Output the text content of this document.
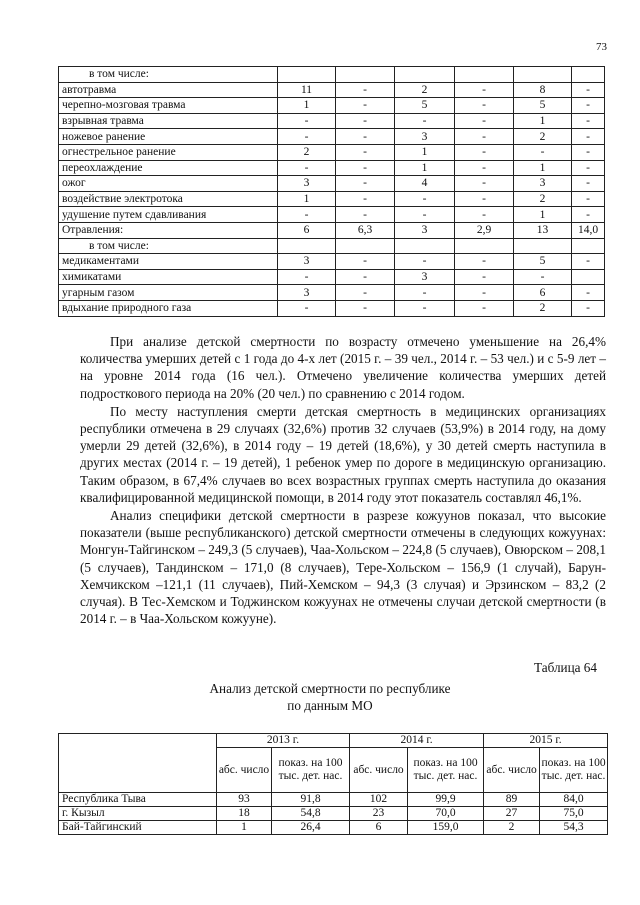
73
в том числе:							
автотравма	11	-	2	-	8	-	
черепно-мозговая травма	1	-	5	-	5	-	
взрывная травма	-	-	-	-	1	-	
ножевое ранение	-	-	3	-	2	-	
огнестрельное ранение	2	-	1	-	-	-	
переохлаждение	-	-	1	-	1	-	
ожог	3	-	4	-	3	-	
воздействие электротока	1	-	-	-	2	-	
удушение путем сдавливания	-	-	-	-	1	-	
Отравления:	6	6,3	3	2,9	13	14,0	
в том числе:							
медикаментами	3	-	-	-	5	-	
химикатами	-	-	3	-	-		
угарным газом	3	-	-	-	6	-	
вдыхание природного газа	-	-	-	-	2	-	

При анализе детской смертности по возрасту отмечено уменьшение на 26,4% количества умерших детей с 1 года до 4-х лет (2015 г. – 39 чел., 2014 г. – 53 чел.) и с 5-9 лет – на уровне 2014 года (16 чел.). Отмечено увеличение количества умерших детей подросткового периода на 20% (20 чел.) по сравнению с 2014 годом.

По месту наступления смерти детская смертность в медицинских организациях республики отмечена в 29 случаях (32,6%) против 32 случаев (53,9%) в 2014 году, на дому умерли 29 детей (32,6%), в 2014 году – 19 детей (18,6%), у 30 детей смерть наступила в других местах (2014 г. – 19 детей), 1 ребенок умер по дороге в медицинскую организацию. Таким образом, в 67,4% случаев во всех возрастных группах смерть наступила до оказания квалифицированной медицинской помощи, в 2014 году этот показатель составлял 46,1%.

Анализ специфики детской смертности в разрезе кожуунов показал, что высокие показатели (выше республиканского) детской смертности отмечены в следующих кожуунах: Монгун-Тайгинском – 249,3 (5 случаев), Чаа-Хольском – 224,8 (5 случаев), Овюрском – 208,1 (5 случаев), Тандинском – 171,0 (8 случаев), Тере-Хольском – 156,9 (1 случай), Барун-Хемчикском –121,1 (11 случаев), Пий-Хемском – 94,3 (3 случая) и Эрзинском – 83,2 (2 случая). В Тес-Хемском и Тоджинском кожуунах не отмечены случаи детской смертности (в 2014 г. – в Чаа-Хольском кожууне).

Таблица 64
Анализ детской смертности по республике
по данным МО
	2013 г.		2014 г.		2015 г.	
	абс. число	показ. на 100 тыс. дет. нас.	абс. число	показ. на 100 тыс. дет. нас.	абс. число	показ. на 100 тыс. дет. нас.
Республика Тыва	93	91,8	102	99,9	89	84,0
г. Кызыл	18	54,8	23	70,0	27	75,0
Бай-Тайгинский	1	26,4	6	159,0	2	54,3
